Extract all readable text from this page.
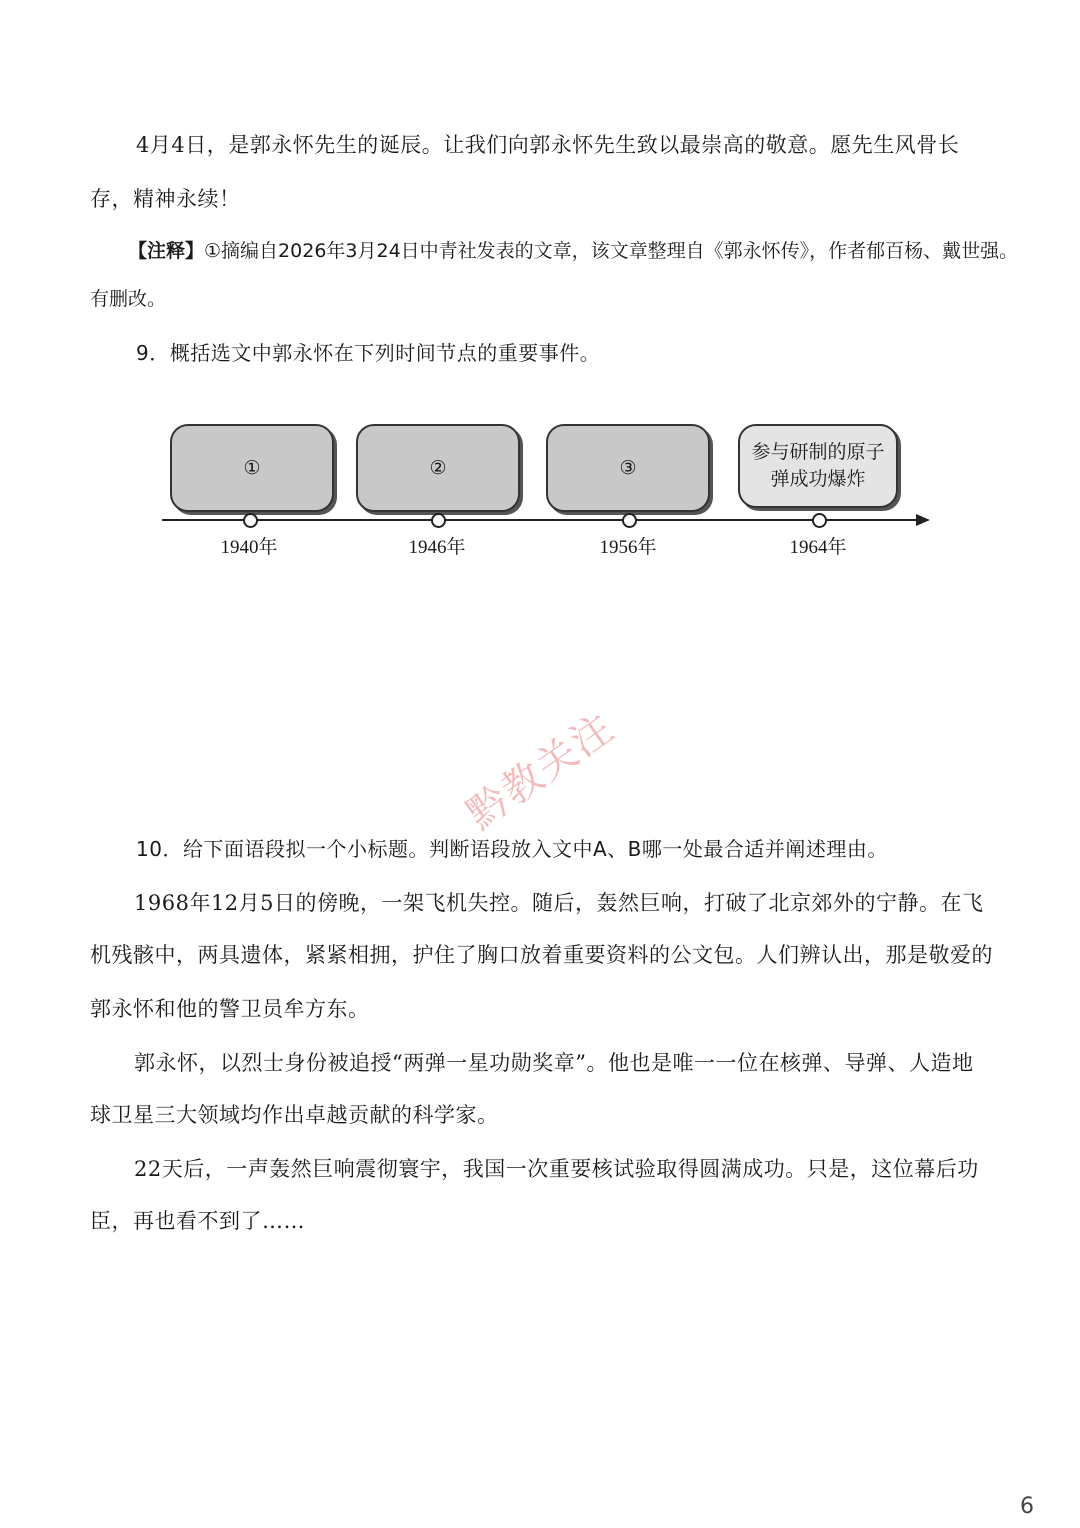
4月4日，是郭永怀先生的诞辰。让我们向郭永怀先生致以最崇高的敬意。愿先生风骨长
存，精神永续！
【注释】①摘编自2026年3月24日中青社发表的文章，该文章整理自《郭永怀传》，作者郁百杨、戴世强。
有删改。
9．概括选文中郭永怀在下列时间节点的重要事件。
①	②	③
参与研制的原子弹成功爆炸
1940年	1946年	1956年	1964年
黔教关注
10．给下面语段拟一个小标题。判断语段放入文中A、B哪一处最合适并阐述理由。
1968年12月5日的傍晚，一架飞机失控。随后，轰然巨响，打破了北京郊外的宁静。在飞
机残骸中，两具遗体，紧紧相拥，护住了胸口放着重要资料的公文包。人们辨认出，那是敬爱的
郭永怀和他的警卫员牟方东。
郭永怀，以烈士身份被追授“两弹一星功勋奖章”。他也是唯一一位在核弹、导弹、人造地
球卫星三大领域均作出卓越贡献的科学家。
22天后，一声轰然巨响震彻寰宇，我国一次重要核试验取得圆满成功。只是，这位幕后功
臣，再也看不到了……
6
